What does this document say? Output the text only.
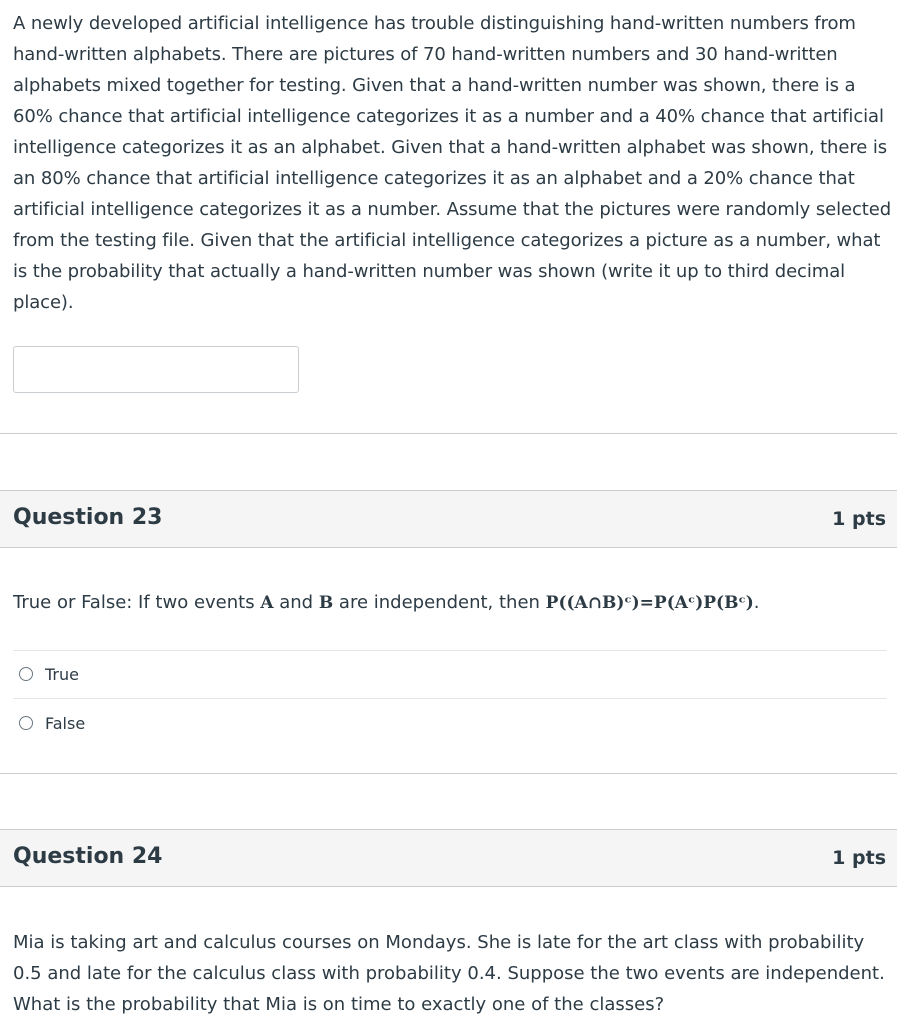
A newly developed artificial intelligence has trouble distinguishing hand-written numbers from hand-written alphabets. There are pictures of 70 hand-written numbers and 30 hand-written alphabets mixed together for testing. Given that a hand-written number was shown, there is a 60% chance that artificial intelligence categorizes it as a number and a 40% chance that artificial intelligence categorizes it as an alphabet. Given that a hand-written alphabet was shown, there is an 80% chance that artificial intelligence categorizes it as an alphabet and a 20% chance that artificial intelligence categorizes it as a number. Assume that the pictures were randomly selected from the testing file. Given that the artificial intelligence categorizes a picture as a number, what is the probability that actually a hand-written number was shown (write it up to third decimal place).

Question 23	1 pts

True or False: If two events A and B are independent, then P((A∩B)ᶜ)=P(Aᶜ)P(Bᶜ).

True
False
Question 24	1 pts

Mia is taking art and calculus courses on Mondays. She is late for the art class with probability 0.5 and late for the calculus class with probability 0.4. Suppose the two events are independent. What is the probability that Mia is on time to exactly one of the classes?
